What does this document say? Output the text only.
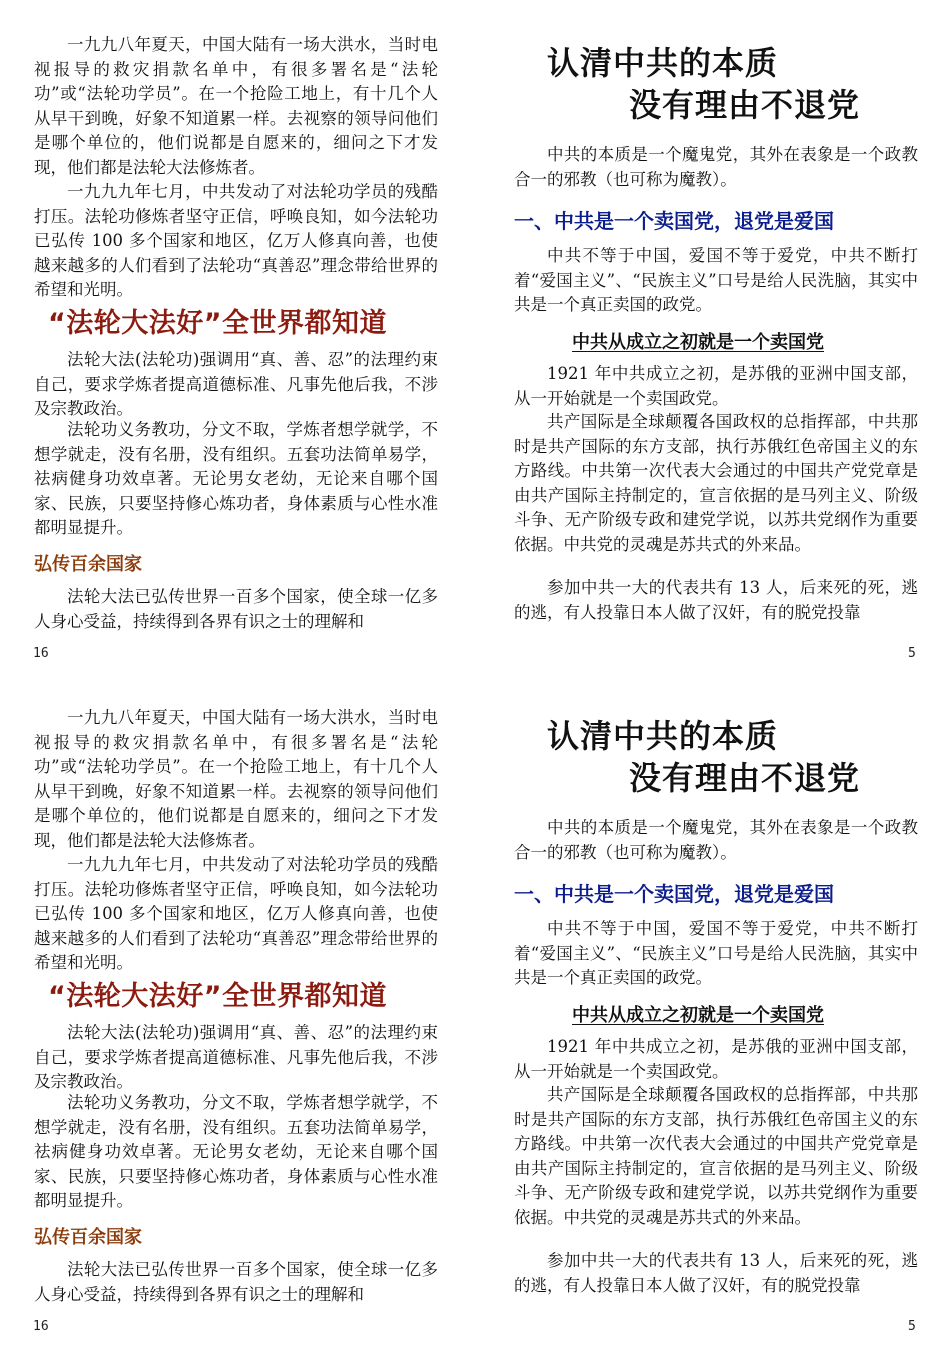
一九九八年夏天，中国大陆有一场大洪水，当时电视报导的救灾捐款名单中，有很多署名是“法轮功”或“法轮功学员”。在一个抢险工地上，有十几个人从早干到晚，好象不知道累一样。去视察的领导问他们是哪个单位的，他们说都是自愿来的，细问之下才发现，他们都是法轮大法修炼者。

一九九九年七月，中共发动了对法轮功学员的残酷打压。法轮功修炼者坚守正信，呼唤良知，如今法轮功已弘传 100 多个国家和地区，亿万人修真向善，也使越来越多的人们看到了法轮功“真善忍”理念带给世界的希望和光明。

“法轮大法好”全世界都知道

法轮大法(法轮功)强调用“真、善、忍”的法理约束自己，要求学炼者提高道德标准、凡事先他后我，不涉及宗教政治。

法轮功义务教功，分文不取，学炼者想学就学，不想学就走，没有名册，没有组织。五套功法简单易学，祛病健身功效卓著。无论男女老幼，无论来自哪个国家、民族，只要坚持修心炼功者，身体素质与心性水准都明显提升。

弘传百余国家

法轮大法已弘传世界一百多个国家，使全球一亿多人身心受益，持续得到各界有识之士的理解和

16
认清中共的本质
没有理由不退党

中共的本质是一个魔鬼党，其外在表象是一个政教合一的邪教（也可称为魔教）。

一、中共是一个卖国党，退党是爱国

中共不等于中国，爱国不等于爱党，中共不断打着“爱国主义”、“民族主义”口号是给人民洗脑，其实中共是一个真正卖国的政党。

中共从成立之初就是一个卖国党

1921 年中共成立之初，是苏俄的亚洲中国支部，从一开始就是一个卖国政党。

共产国际是全球颠覆各国政权的总指挥部，中共那时是共产国际的东方支部，执行苏俄红色帝国主义的东方路线。中共第一次代表大会通过的中国共产党党章是由共产国际主持制定的，宣言依据的是马列主义、阶级斗争、无产阶级专政和建党学说，以苏共党纲作为重要依据。中共党的灵魂是苏共式的外来品。

参加中共一大的代表共有 13 人，后来死的死，逃的逃，有人投靠日本人做了汉奸，有的脱党投靠

5

一九九八年夏天，中国大陆有一场大洪水，当时电视报导的救灾捐款名单中，有很多署名是“法轮功”或“法轮功学员”。在一个抢险工地上，有十几个人从早干到晚，好象不知道累一样。去视察的领导问他们是哪个单位的，他们说都是自愿来的，细问之下才发现，他们都是法轮大法修炼者。

一九九九年七月，中共发动了对法轮功学员的残酷打压。法轮功修炼者坚守正信，呼唤良知，如今法轮功已弘传 100 多个国家和地区，亿万人修真向善，也使越来越多的人们看到了法轮功“真善忍”理念带给世界的希望和光明。

“法轮大法好”全世界都知道

法轮大法(法轮功)强调用“真、善、忍”的法理约束自己，要求学炼者提高道德标准、凡事先他后我，不涉及宗教政治。

法轮功义务教功，分文不取，学炼者想学就学，不想学就走，没有名册，没有组织。五套功法简单易学，祛病健身功效卓著。无论男女老幼，无论来自哪个国家、民族，只要坚持修心炼功者，身体素质与心性水准都明显提升。

弘传百余国家

法轮大法已弘传世界一百多个国家，使全球一亿多人身心受益，持续得到各界有识之士的理解和

16
认清中共的本质
没有理由不退党

中共的本质是一个魔鬼党，其外在表象是一个政教合一的邪教（也可称为魔教）。

一、中共是一个卖国党，退党是爱国

中共不等于中国，爱国不等于爱党，中共不断打着“爱国主义”、“民族主义”口号是给人民洗脑，其实中共是一个真正卖国的政党。

中共从成立之初就是一个卖国党

1921 年中共成立之初，是苏俄的亚洲中国支部，从一开始就是一个卖国政党。

共产国际是全球颠覆各国政权的总指挥部，中共那时是共产国际的东方支部，执行苏俄红色帝国主义的东方路线。中共第一次代表大会通过的中国共产党党章是由共产国际主持制定的，宣言依据的是马列主义、阶级斗争、无产阶级专政和建党学说，以苏共党纲作为重要依据。中共党的灵魂是苏共式的外来品。

参加中共一大的代表共有 13 人，后来死的死，逃的逃，有人投靠日本人做了汉奸，有的脱党投靠

5
